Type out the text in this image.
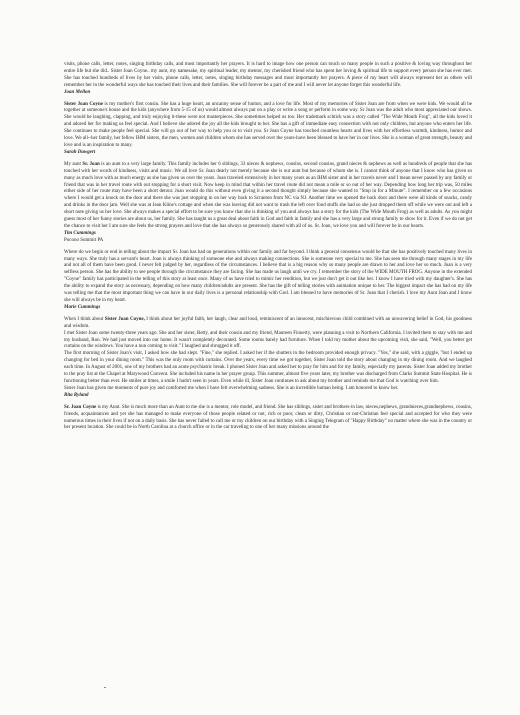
visits, phone calls, letter, notes, singing birthday calls, and most importantly her prayers. It is hard to image how one person can touch so many people in such a positive & loving way throughout her entire life but she did.. Sister Joan Coyne.. my aunt, my namesake, my spiritual leader, my mentor, my cherished friend who has spent her loving & spiritual life to support every person she has ever met. She has touched hundreds of lives by her visits, phone calls, letter, notes, singing birthday messages and most importantly her prayers. A piece of my heart will always represent her as others will remember her in the wonderful ways she has touched their lives and their families. She will forever be a part of me and I will never let anyone forget this wonderful life.

Joan Mellon

Sister Joan Coyne is my mother's first cousin. She has a huge heart, an uncanny sense of humor, and a love for life. Most of my memories of Sister Joan are from when we were kids. We would all be together at someone's house and the kids (anywhere from 5-15 of us) would almost always put on a play or write a song or perform in some way. Sr Joan was the adult who most appreciated our shows. She would be laughing, clapping, and truly enjoying it-these were not masterpieces. She sometimes helped us too. Her trademark schtick was a story called "The Wide Mouth Frog", all the kids loved it and adored her for making us feel special. And I believe she adored the joy all the kids brought to her. She has a gift of immediate easy connection with not only children, but anyone who enters her life. She continues to make people feel special. She will go out of her way to help you or to visit you. Sr Joan Coyne has touched countless hearts and lives with her effortless warmth, kindness, humor and love. We all--her family, her fellow IHM sisters, the men, women and children whom she has served over the years-have been blessed to have her in our lives. She is a woman of great strength, beauty and love and is an inspiration to many.

Sarah Dawgert

My aunt Sr. Joan is an aunt to a very large family. This family includes her 6 siblings, 33 nieces & nephews, cousins, second cousins, grand nieces & nephews as well as hundreds of people that she has touched with her words of kindness, visits and music. We all love Sr. Joan dearly not merely because she is our aunt but because of whom she is. I cannot think of anyone that I know who has given so many as much love with as much energy as she has given us over the years. Joan traveled extensively in her many years as an IHM sister and in her travels never and I mean never passed by any family or friend that was in her travel route with out stopping for a short visit. Now keep in mind that within her travel route did not mean a mile or so out of her way. Depending how long her trip was, 50 miles either side of her route may have been a short detour. Joan would do this without even giving it a second thought simply because she wanted to "Stop in for a Minute". I remember on a few occasions where I would get a knock on the door and there she was just stopping in on her way back to Scranton from NC via NJ. Another time we opened the back door and there were all kinds of snacks, candy and drinks in the door jam. Well she was at Jean Kline's cottage and when she was leaving did not want to trash the left over food stuffs she had so she just dropped them off while we were out and left a short note giving us her love. She always makes a special effort to be sure you know that she is thinking of you and always has a story for the kids (The Wide Mouth Frog) as well as adults. As you might guess most of her funny stories are about us, her family. She has taught us a great deal about faith in God and faith in family and she has a very large and strong family to show for it. Even if we do not get the chance to visit her I am sure she feels the strong prayers and love that she has always so generously shared with all of us. Sr. Joan, we love you and will forever be in our hearts.

Tim Cummings

Pocono Summit PA

Where do we begin or end in telling about the impact Sr. Joan has had on generations within our family and far beyond. I think a general consensus would be that she has positively touched many lives in many ways. She truly has a servant's heart. Joan is always thinking of someone else and always making connections. She is someone very special to me. She has seen me through many stages in my life and not all of them have been good. I never felt judged by her, regardless of the circumstances. I believe that is a big reason why so many people are drawn to her and love her so much. Joan is a very selfless person. She has the ability to see people through the circumstance they are facing. She has made us laugh until we cry. I remember the story of the WIDE MOUTH FROG. Anyone in the extended "Coyne" family has participated in the telling of this story at least once. Many of us have tried to mimic her rendition, but we just don't get it out like her. I know I have tried with my daughter's. She has the ability to expand the story as necessary, depending on how many children/adults are present. She has the gift of telling stories with animation unique to her. The biggest impact she has had on my life was telling me that the most important thing we can have in our daily lives is a personal relationship with God. I am blessed to have memories of Sr. Joan that I cherish. I love my Aunt Joan and I know she will always be in my heart.

Marie Cummings

When I think about Sister Joan Coyne, I think about her joyful faith, her laugh, clear and loud, reminiscent of an innocent, mischievous child combined with an unwavering belief in God, his goodness and wisdom.
I met Sister Joan some twenty-three years ago. She and her sister, Betty, and their cousin and my friend, Maureen Finnerty, were planning a visit to Northern California. I invited them to stay with me and my husband, Ron. We had just moved into our home. It wasn't completely decorated. Some rooms barely had furniture. When I told my mother about the upcoming visit, she said, "Well, you better get curtains on the windows. You have a nun coming to visit." I laughed and shrugged it off.
The first morning of Sister Joan's visit, I asked how she had slept. "Fine," she replied. I asked her if the shutters in the bedroom provided enough privacy. "Yes," she said, with a giggle, "but I ended up changing for bed in your dining room." This was the only room with curtains. Over the years, every time we got together, Sister Joan told the story about changing in my dining room. And we laughed each time. In August of 2001, one of my brothers had an acute psychiatric break. I phoned Sister Joan and asked her to pray for him and for my family, especially my parents. Sister Joan added my brother to the pray list at the Chapel at Marywood Convent. She included his name in her prayer group. This summer, almost five years later, my brother was discharged from Clarks Summit State Hospital. He is functioning better than ever. He smiles at times, a smile I hadn't seen in years. Even while ill, Sister Joan continues to ask about my brother and reminds me that God is watching over him.
Sister Joan has given me moments of pure joy and comforted me when I have felt overwhelming sadness. She is an incredible human being. I am honored to know her.

Rita Ryland

Sr. Joan Coyne is my Aunt. She is much more than an Aunt to me she is a mentor, role model, and friend. She has siblings, sister and brothers-in law, nieces,nephews, grandnieces,grandnephews, cousins, friends, acquaintances and yet she has managed to make everyone of those people related or not, rich or poor, clean or dirty, Christian or not-Christian feel special and accepted for who they were numerous times in their lives if not on a daily basis. She has never failed to call me or my children on our birthday with a Singing Telegram of "Happy Birthday" no matter where she was in the country or her present location. She could be in North Carolina at a church office or in the car traveling to one of her many missions around the
